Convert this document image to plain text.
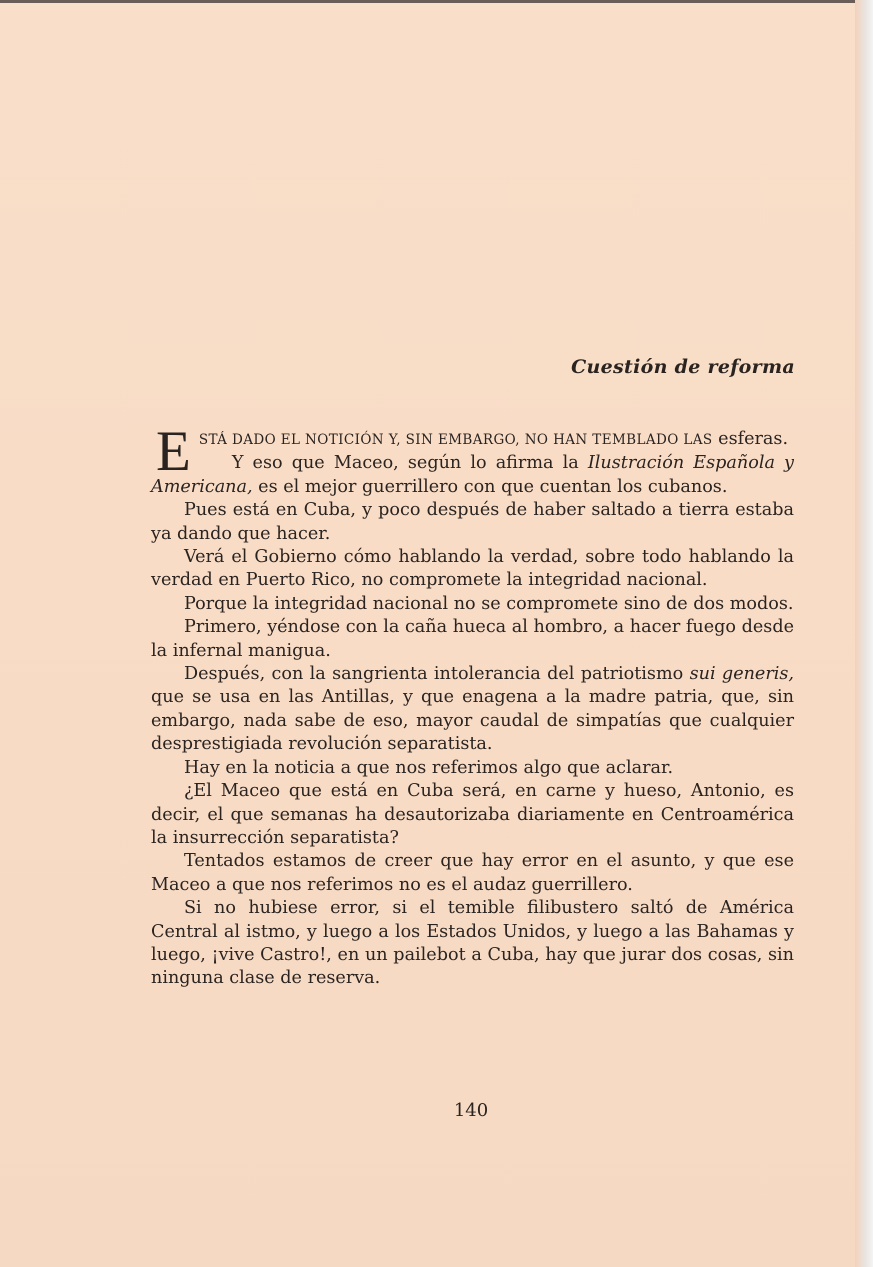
Cuestión de reforma

E STÁ DADO EL NOTICIÓN Y, SIN EMBARGO, NO HAN TEMBLADO LAS esferas.

Y eso que Maceo, según lo afirma la Ilustración Española y Americana, es el mejor guerrillero con que cuentan los cubanos.

Pues está en Cuba, y poco después de haber saltado a tierra estaba ya dando que hacer.

Verá el Gobierno cómo hablando la verdad, sobre todo hablando la verdad en Puerto Rico, no compromete la integridad nacional.

Porque la integridad nacional no se compromete sino de dos modos.

Primero, yéndose con la caña hueca al hombro, a hacer fuego desde la infernal manigua.

Después, con la sangrienta intolerancia del patriotismo sui generis, que se usa en las Antillas, y que enagena a la madre patria, que, sin embargo, nada sabe de eso, mayor caudal de simpatías que cualquier desprestigiada revolución separatista.

Hay en la noticia a que nos referimos algo que aclarar.

¿El Maceo que está en Cuba será, en carne y hueso, Antonio, es decir, el que semanas ha desautorizaba diariamente en Centroamérica la insurrección separatista?

Tentados estamos de creer que hay error en el asunto, y que ese Maceo a que nos referimos no es el audaz guerrillero.

Si no hubiese error, si el temible filibustero saltó de América Central al istmo, y luego a los Estados Unidos, y luego a las Bahamas y luego, ¡vive Castro!, en un pailebot a Cuba, hay que jurar dos cosas, sin ninguna clase de reserva.

140
